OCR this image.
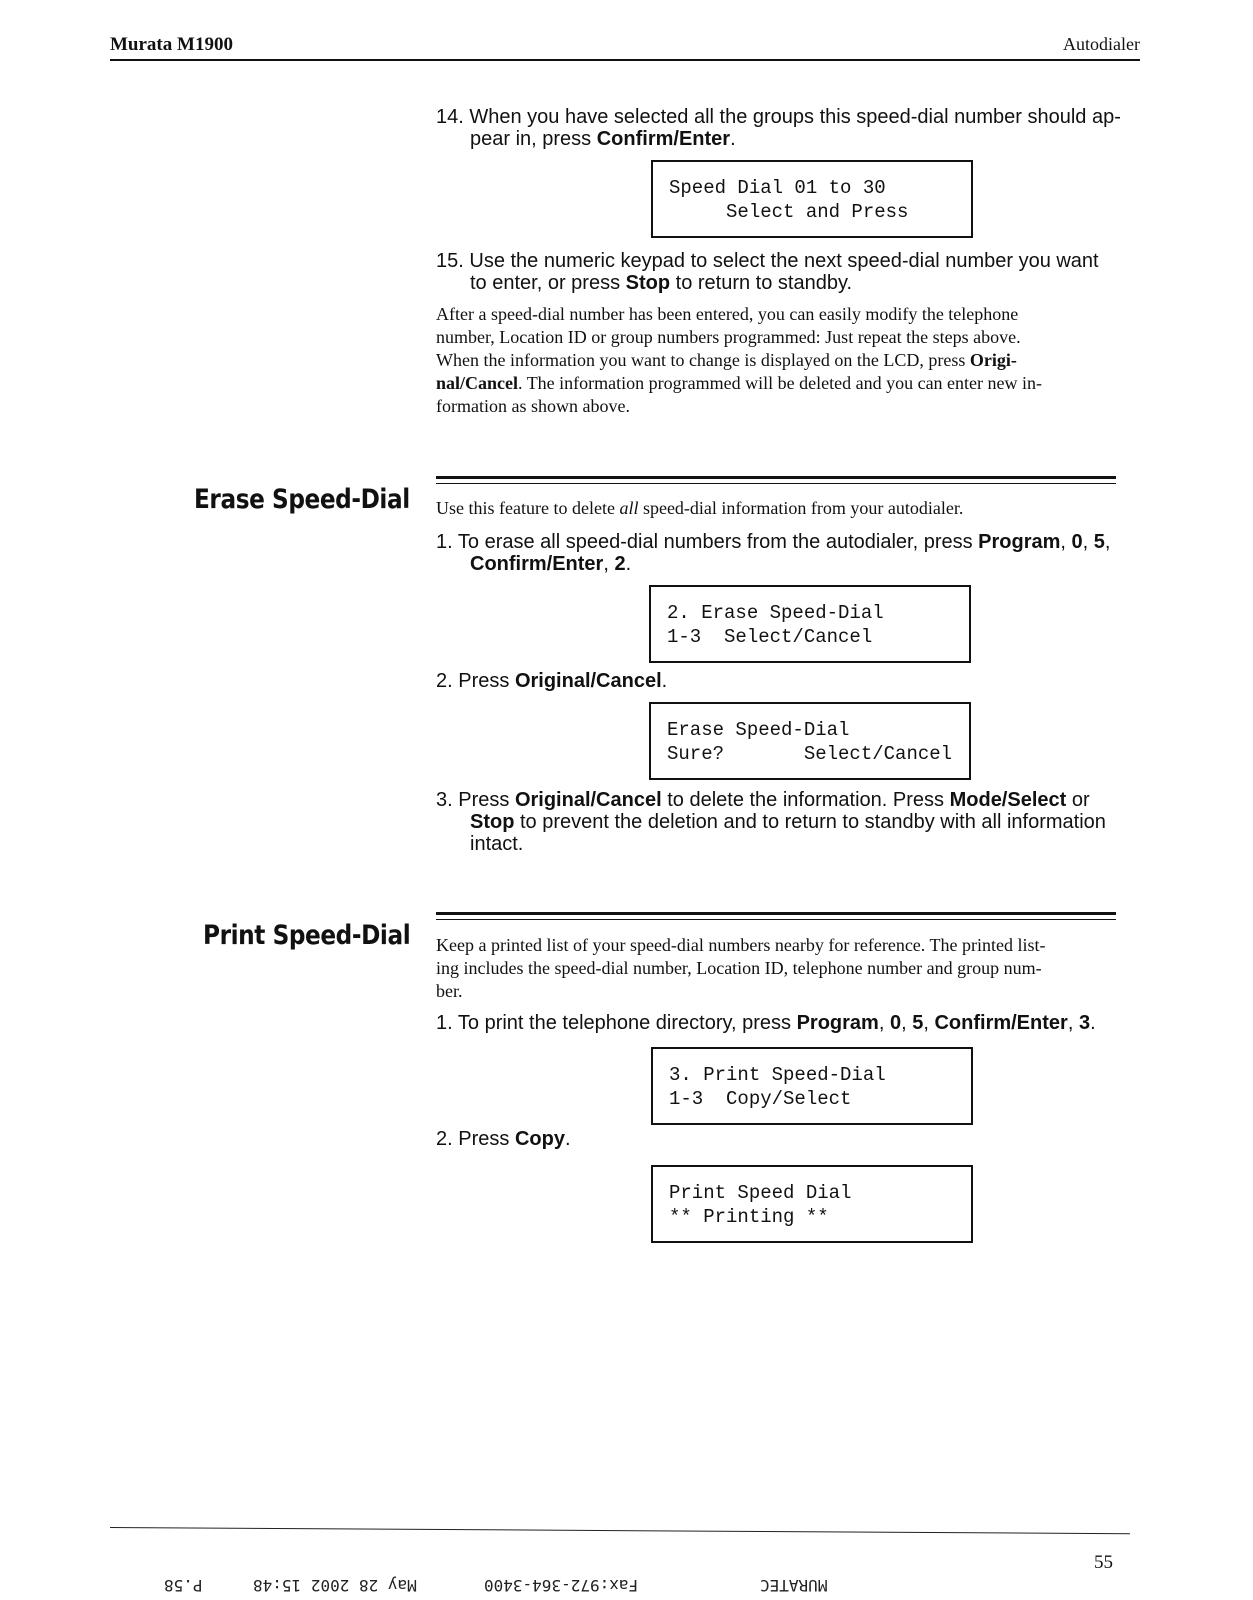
Murata M1900	Autodialer
14. When you have selected all the groups this speed-dial number should ap-
pear in, press Confirm/Enter.
Speed Dial 01 to 30
Select and Press
15. Use the numeric keypad to select the next speed-dial number you want
to enter, or press Stop to return to standby.
After a speed-dial number has been entered, you can easily modify the telephone
number, Location ID or group numbers programmed: Just repeat the steps above.
When the information you want to change is displayed on the LCD, press Origi-
nal/Cancel. The information programmed will be deleted and you can enter new in-
formation as shown above.
Erase Speed-Dial Use this feature to delete all speed-dial information from your autodialer.
1. To erase all speed-dial numbers from the autodialer, press Program, 0, 5,
Confirm/Enter, 2.
2. Erase Speed-Dial
1-3  Select/Cancel
2. Press Original/Cancel.
Erase Speed-Dial
Sure?       Select/Cancel
3. Press Original/Cancel to delete the information. Press Mode/Select or
Stop to prevent the deletion and to return to standby with all information
intact.
Print Speed-Dial Keep a printed list of your speed-dial numbers nearby for reference. The printed list-
ing includes the speed-dial number, Location ID, telephone number and group num-
ber.
1. To print the telephone directory, press Program, 0, 5, Confirm/Enter, 3.
3. Print Speed-Dial
1-3  Copy/Select
2. Press Copy.
Print Speed Dial
** Printing **
55
P.58	May 28 2002 15:48	Fax:972-364-3400	MURATEC
